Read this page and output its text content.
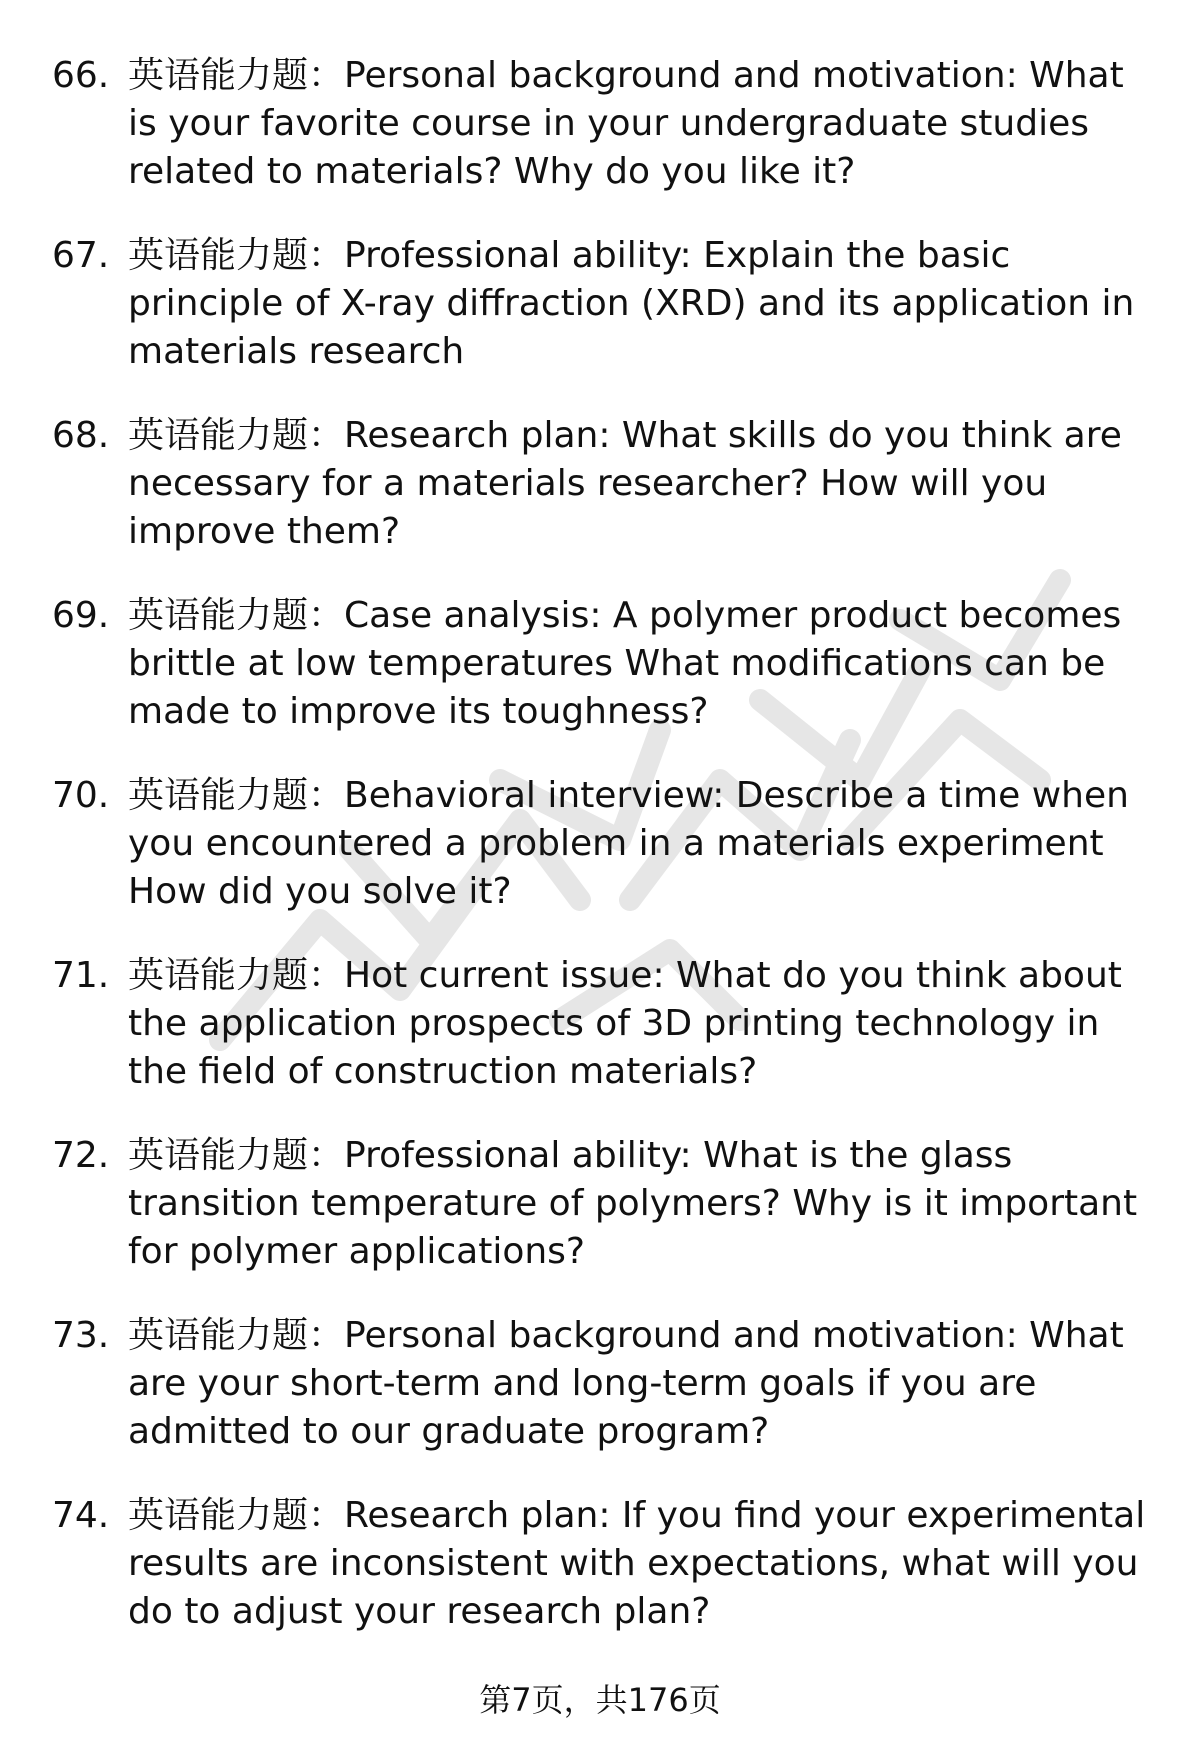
66. 英语能力题：Personal background and motivation: What is your favorite course in your undergraduate studies related to materials? Why do you like it?
67. 英语能力题：Professional ability: Explain the basic principle of X-ray diffraction (XRD) and its application in materials research
68. 英语能力题：Research plan: What skills do you think are necessary for a materials researcher? How will you improve them?
69. 英语能力题：Case analysis: A polymer product becomes brittle at low temperatures What modifications can be made to improve its toughness?
70. 英语能力题：Behavioral interview: Describe a time when you encountered a problem in a materials experiment How did you solve it?
71. 英语能力题：Hot current issue: What do you think about the application prospects of 3D printing technology in the field of construction materials?
72. 英语能力题：Professional ability: What is the glass transition temperature of polymers? Why is it important for polymer applications?
73. 英语能力题：Personal background and motivation: What are your short-term and long-term goals if you are admitted to our graduate program?
74. 英语能力题：Research plan: If you find your experimental results are inconsistent with expectations, what will you do to adjust your research plan?
第7页，共176页
